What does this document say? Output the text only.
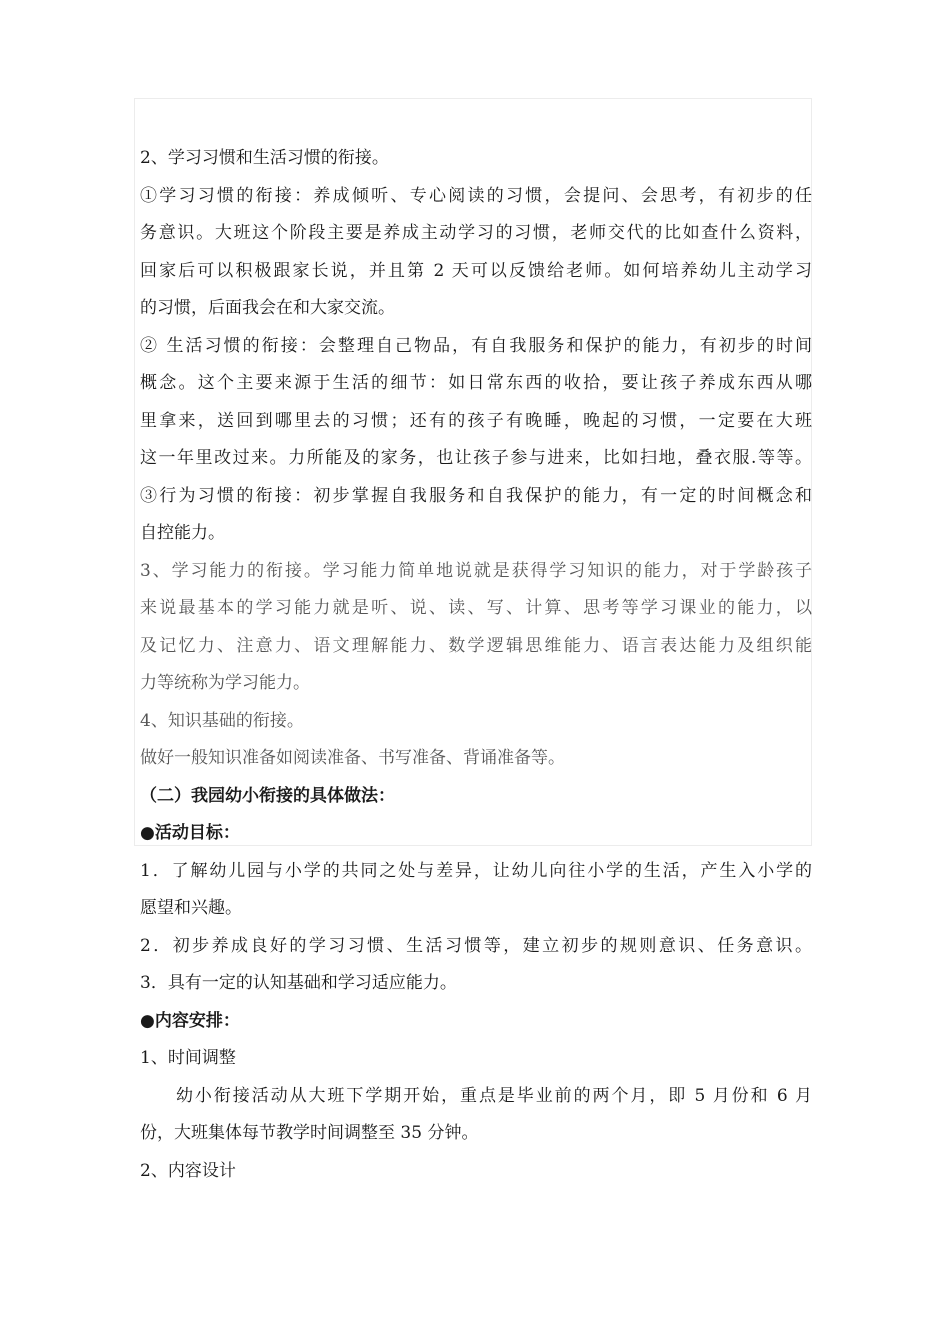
2、学习习惯和生活习惯的衔接。
①学习习惯的衔接：养成倾听、专心阅读的习惯，会提问、会思考，有初步的任
务意识。大班这个阶段主要是养成主动学习的习惯，老师交代的比如查什么资料，
回家后可以积极跟家长说，并且第 2 天可以反馈给老师。如何培养幼儿主动学习
的习惯，后面我会在和大家交流。
② 生活习惯的衔接：会整理自己物品，有自我服务和保护的能力，有初步的时间
概念。这个主要来源于生活的细节：如日常东西的收拾，要让孩子养成东西从哪
里拿来，送回到哪里去的习惯；还有的孩子有晚睡，晚起的习惯，一定要在大班
这一年里改过来。力所能及的家务，也让孩子参与进来，比如扫地，叠衣服.等等。
③行为习惯的衔接：初步掌握自我服务和自我保护的能力，有一定的时间概念和
自控能力。
3、学习能力的衔接。学习能力简单地说就是获得学习知识的能力，对于学龄孩子
来说最基本的学习能力就是听、说、读、写、计算、思考等学习课业的能力，以
及记忆力、注意力、语文理解能力、数学逻辑思维能力、语言表达能力及组织能
力等统称为学习能力。
4、知识基础的衔接。
做好一般知识准备如阅读准备、书写准备、背诵准备等。
（二）我园幼小衔接的具体做法：
●活动目标：
1．了解幼儿园与小学的共同之处与差异，让幼儿向往小学的生活，产生入小学的
愿望和兴趣。
2．初步养成良好的学习习惯、生活习惯等，建立初步的规则意识、任务意识。
3．具有一定的认知基础和学习适应能力。
●内容安排：
1、时间调整
幼小衔接活动从大班下学期开始，重点是毕业前的两个月，即 5 月份和 6 月
份，大班集体每节教学时间调整至 35 分钟。
2、内容设计
